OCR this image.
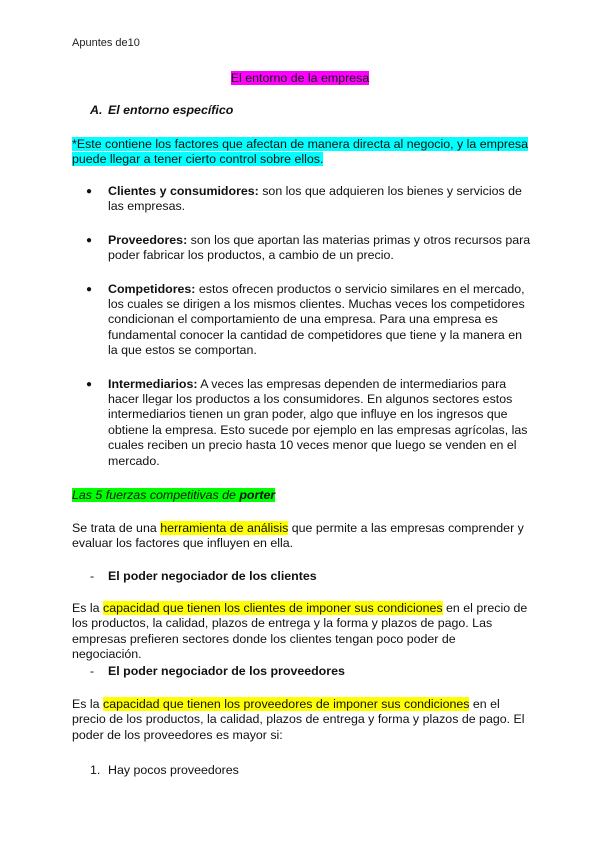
Apuntes de10
El entorno de la empresa
A. El entorno específico
*Este contiene los factores que afectan de manera directa al negocio, y la empresa puede llegar a tener cierto control sobre ellos.
● Clientes y consumidores: son los que adquieren los bienes y servicios de las empresas.
● Proveedores: son los que aportan las materias primas y otros recursos para poder fabricar los productos, a cambio de un precio.
● Competidores: estos ofrecen productos o servicio similares en el mercado, los cuales se dirigen a los mismos clientes. Muchas veces los competidores condicionan el comportamiento de una empresa. Para una empresa es fundamental conocer la cantidad de competidores que tiene y la manera en la que estos se comportan.
● Intermediarios: A veces las empresas dependen de intermediarios para hacer llegar los productos a los consumidores. En algunos sectores estos intermediarios tienen un gran poder, algo que influye en los ingresos que obtiene la empresa. Esto sucede por ejemplo en las empresas agrícolas, las cuales reciben un precio hasta 10 veces menor que luego se venden en el mercado.
Las 5 fuerzas competitivas de porter
Se trata de una herramienta de análisis que permite a las empresas comprender y evaluar los factores que influyen en ella.
- El poder negociador de los clientes
Es la capacidad que tienen los clientes de imponer sus condiciones en el precio de los productos, la calidad, plazos de entrega y la forma y plazos de pago. Las empresas prefieren sectores donde los clientes tengan poco poder de negociación.
- El poder negociador de los proveedores
Es la capacidad que tienen los proveedores de imponer sus condiciones en el precio de los productos, la calidad, plazos de entrega y forma y plazos de pago. El poder de los proveedores es mayor si:
1. Hay pocos proveedores
